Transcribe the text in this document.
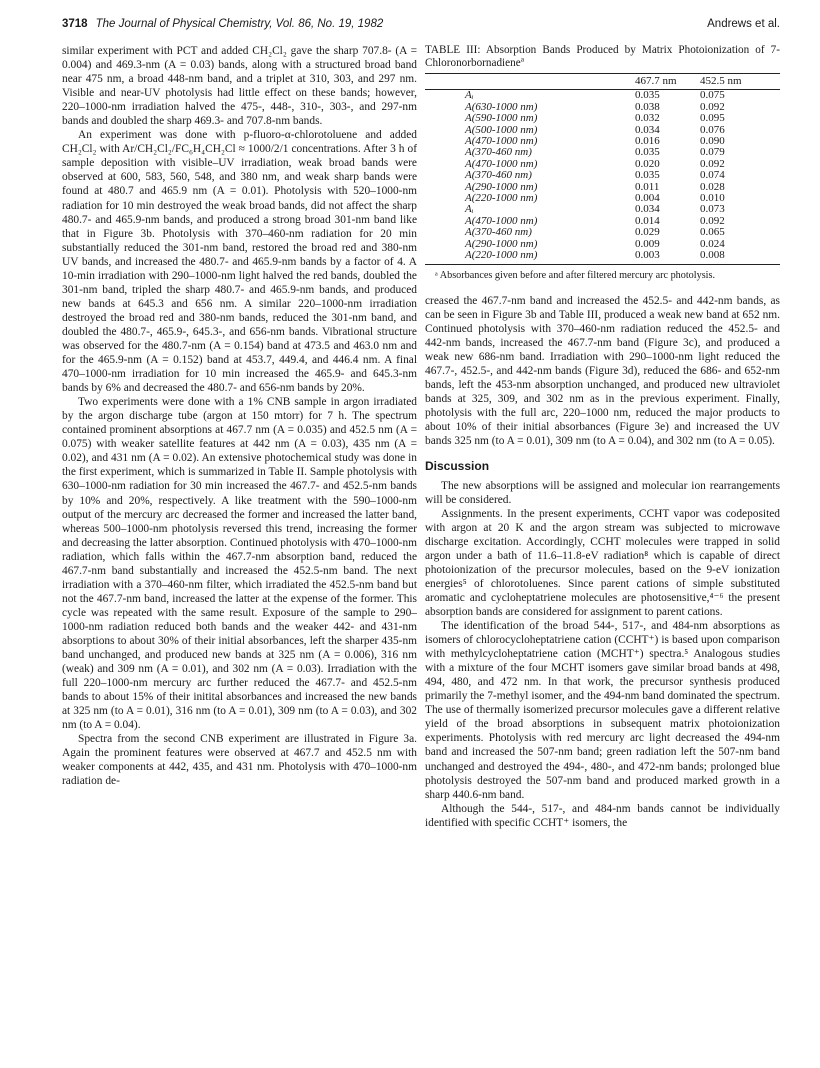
3718 The Journal of Physical Chemistry, Vol. 86, No. 19, 1982	Andrews et al.

similar experiment with PCT and added CH₂Cl₂ gave the sharp 707.8- (A = 0.004) and 469.3-nm (A = 0.03) bands, along with a structured broad band near 475 nm, a broad 448-nm band, and a triplet at 310, 303, and 297 nm. Visible and near-UV photolysis had little effect on these bands; however, 220–1000-nm irradiation halved the 475-, 448-, 310-, 303-, and 297-nm bands and doubled the sharp 469.3- and 707.8-nm bands.

An experiment was done with p-fluoro-α-chlorotoluene and added CH₂Cl₂ with Ar/CH₂Cl₂/FC₆H₄CH₂Cl ≈ 1000/2/1 concentrations. After 3 h of sample deposition with visible–UV irradiation, weak broad bands were observed at 600, 583, 560, 548, and 380 nm, and weak sharp bands were found at 480.7 and 465.9 nm (A = 0.01). Photolysis with 520–1000-nm radiation for 10 min destroyed the weak broad bands, did not affect the sharp 480.7- and 465.9-nm bands, and produced a strong broad 301-nm band like that in Figure 3b. Photolysis with 370–460-nm radiation for 20 min substantially reduced the 301-nm band, restored the broad red and 380-nm UV bands, and increased the 480.7- and 465.9-nm bands by a factor of 4. A 10-min irradiation with 290–1000-nm light halved the red bands, doubled the 301-nm band, tripled the sharp 480.7- and 465.9-nm bands, and produced new bands at 645.3 and 656 nm. A similar 220–1000-nm irradiation destroyed the broad red and 380-nm bands, reduced the 301-nm band, and doubled the 480.7-, 465.9-, 645.3-, and 656-nm bands. Vibrational structure was observed for the 480.7-nm (A = 0.154) band at 473.5 and 463.0 nm and for the 465.9-nm (A = 0.152) band at 453.7, 449.4, and 446.4 nm. A final 470–1000-nm irradiation for 10 min increased the 465.9- and 645.3-nm bands by 6% and decreased the 480.7- and 656-nm bands by 20%.

Two experiments were done with a 1% CNB sample in argon irradiated by the argon discharge tube (argon at 150 mtorr) for 7 h. The spectrum contained prominent absorptions at 467.7 nm (A = 0.035) and 452.5 nm (A = 0.075) with weaker satellite features at 442 nm (A = 0.03), 435 nm (A = 0.02), and 431 nm (A = 0.02). An extensive photochemical study was done in the first experiment, which is summarized in Table II. Sample photolysis with 630–1000-nm radiation for 30 min increased the 467.7- and 452.5-nm bands by 10% and 20%, respectively. A like treatment with the 590–1000-nm output of the mercury arc decreased the former and increased the latter band, whereas 500–1000-nm photolysis reversed this trend, increasing the former and decreasing the latter absorption. Continued photolysis with 470–1000-nm radiation, which falls within the 467.7-nm absorption band, reduced the 467.7-nm band substantially and increased the 452.5-nm band. The next irradiation with a 370–460-nm filter, which irradiated the 452.5-nm band but not the 467.7-nm band, increased the latter at the expense of the former. This cycle was repeated with the same result. Exposure of the sample to 290–1000-nm radiation reduced both bands and the weaker 442- and 431-nm absorptions to about 30% of their initial absorbances, left the sharper 435-nm band unchanged, and produced new bands at 325 nm (A = 0.006), 316 nm (weak) and 309 nm (A = 0.01), and 302 nm (A = 0.03). Irradiation with the full 220–1000-nm mercury arc further reduced the 467.7- and 452.5-nm bands to about 15% of their initital absorbances and increased the new bands at 325 nm (to A = 0.01), 316 nm (to A = 0.01), 309 nm (to A = 0.03), and 302 nm (to A = 0.04).

Spectra from the second CNB experiment are illustrated in Figure 3a. Again the prominent features were observed at 467.7 and 452.5 nm with weaker components at 442, 435, and 431 nm. Photolysis with 470–1000-nm radiation de-

TABLE III: Absorption Bands Produced by Matrix Photoionization of 7-Chloronorbornadiene$^a$
	467.7 nm	452.5 nm
Aᵢ	0.035	0.075
A(630-1000 nm)	0.038	0.092
A(590-1000 nm)	0.032	0.095
A(500-1000 nm)	0.034	0.076
A(470-1000 nm)	0.016	0.090
A(370-460 nm)	0.035	0.079
A(470-1000 nm)	0.020	0.092
A(370-460 nm)	0.035	0.074
A(290-1000 nm)	0.011	0.028
A(220-1000 nm)	0.004	0.010
Aᵢ	0.034	0.073
A(470-1000 nm)	0.014	0.092
A(370-460 nm)	0.029	0.065
A(290-1000 nm)	0.009	0.024
A(220-1000 nm)	0.003	0.008
ᵃ Absorbances given before and after filtered mercury arc photolysis.

creased the 467.7-nm band and increased the 452.5- and 442-nm bands, as can be seen in Figure 3b and Table III, produced a weak new band at 652 nm. Continued photolysis with 370–460-nm radiation reduced the 452.5- and 442-nm bands, increased the 467.7-nm band (Figure 3c), and produced a weak new 686-nm band. Irradiation with 290–1000-nm light reduced the 467.7-, 452.5-, and 442-nm bands (Figure 3d), reduced the 686- and 652-nm bands, left the 453-nm absorption unchanged, and produced new ultraviolet bands at 325, 309, and 302 nm as in the previous experiment. Finally, photolysis with the full arc, 220–1000 nm, reduced the major products to about 10% of their initial absorbances (Figure 3e) and increased the UV bands 325 nm (to A = 0.01), 309 nm (to A = 0.04), and 302 nm (to A = 0.05).

Discussion

The new absorptions will be assigned and molecular ion rearrangements will be considered.

Assignments. In the present experiments, CCHT vapor was codeposited with argon at 20 K and the argon stream was subjected to microwave discharge excitation. Accordingly, CCHT molecules were trapped in solid argon under a bath of 11.6–11.8-eV radiation⁸ which is capable of direct photoionization of the precursor molecules, based on the 9-eV ionization energies⁵ of chlorotoluenes. Since parent cations of simple substituted aromatic and cycloheptatriene molecules are photosensitive,⁴⁻⁶ the present absorption bands are considered for assignment to parent cations.

The identification of the broad 544-, 517-, and 484-nm absorptions as isomers of chlorocycloheptatriene cation (CCHT⁺) is based upon comparison with methylcycloheptatriene cation (MCHT⁺) spectra.⁵ Analogous studies with a mixture of the four MCHT isomers gave similar broad bands at 498, 494, 480, and 472 nm. In that work, the precursor synthesis produced primarily the 7-methyl isomer, and the 494-nm band dominated the spectrum. The use of thermally isomerized precursor molecules gave a different relative yield of the broad absorptions in subsequent matrix photoionization experiments. Photolysis with red mercury arc light decreased the 494-nm band and increased the 507-nm band; green radiation left the 507-nm band unchanged and destroyed the 494-, 480-, and 472-nm bands; prolonged blue photolysis destroyed the 507-nm band and produced marked growth in a sharp 440.6-nm band.

Although the 544-, 517-, and 484-nm bands cannot be individually identified with specific CCHT⁺ isomers, the
